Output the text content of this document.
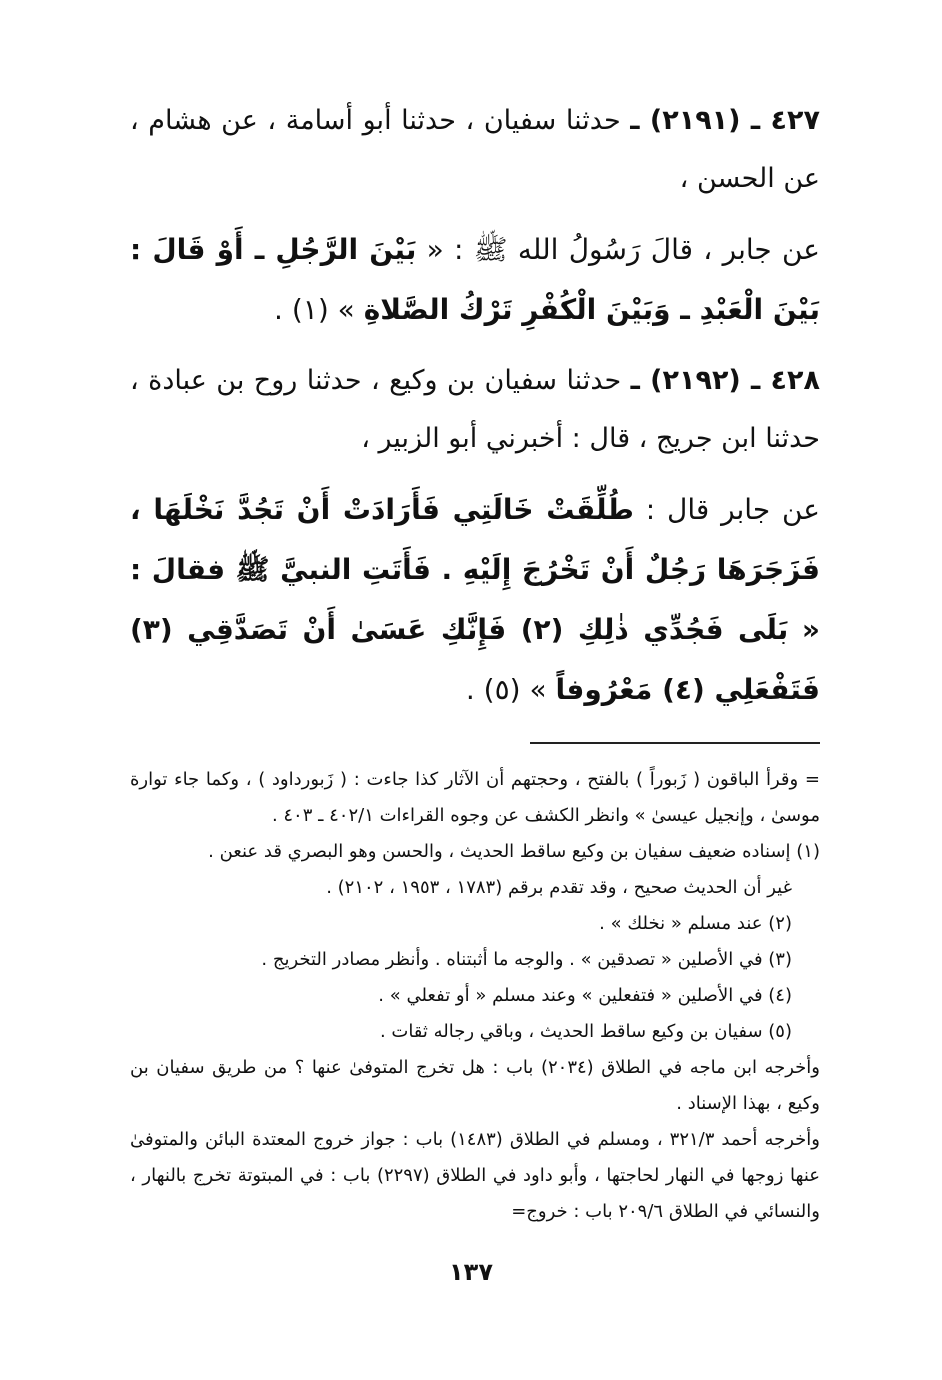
٤٢٧ ـ (٢١٩١) ـ حدثنا سفيان ، حدثنا أبو أسامة ، عن هشام ، عن الحسن ،

عن جابر ، قالَ رَسُولُ الله ﷺ : « بَيْنَ الرَّجُلِ ـ أَوْ قَالَ : بَيْنَ الْعَبْدِ ـ وَبَيْنَ الْكُفْرِ تَرْكُ الصَّلاةِ » (١) .

٤٢٨ ـ (٢١٩٢) ـ حدثنا سفيان بن وكيع ، حدثنا روح بن عبادة ، حدثنا ابن جريج ، قال : أخبرني أبو الزبير ،

عن جابر قال : طُلِّقَتْ خَالَتِي فَأَرَادَتْ أَنْ تَجُدَّ نَخْلَهَا ، فَزَجَرَهَا رَجُلٌ أَنْ تَخْرُجَ إِلَيْهِ . فَأَتَتِ النبيَّ ﷺ فقالَ : « بَلَى فَجُدِّي ذٰلِكِ (٢) فَإِنَّكِ عَسَىٰ أَنْ تَصَدَّقِي (٣) فَتَفْعَلِي (٤) مَعْرُوفاً » (٥) .

= وقرأ الباقون ( زَبوراً ) بالفتح ، وحجتهم أن الآثار كذا جاءت : ( زَبورداود ) ، وكما جاء توارة موسىٰ ، وإنجيل عيسىٰ » وانظر الكشف عن وجوه القراءات ٤٠٢/١ ـ ٤٠٣ .

(١) إسناده ضعيف سفيان بن وكيع ساقط الحديث ، والحسن وهو البصري قد عنعن .

غير أن الحديث صحيح ، وقد تقدم برقم (١٧٨٣ ، ١٩٥٣ ، ٢١٠٢) .

(٢) عند مسلم « نخلك » .

(٣) في الأصلين « تصدقين » . والوجه ما أثبتناه . وأنظر مصادر التخريج .

(٤) في الأصلين « فتفعلين » وعند مسلم « أو تفعلي » .

(٥) سفيان بن وكيع ساقط الحديث ، وباقي رجاله ثقات .

وأخرجه ابن ماجه في الطلاق (٢٠٣٤) باب : هل تخرج المتوفىٰ عنها ؟ من طريق سفيان بن وكيع ، بهذا الإسناد .

وأخرجه أحمد ٣٢١/٣ ، ومسلم في الطلاق (١٤٨٣) باب : جواز خروج المعتدة البائن والمتوفىٰ عنها زوجها في النهار لحاجتها ، وأبو داود في الطلاق (٢٢٩٧) باب : في المبتوتة تخرج بالنهار ، والنسائي في الطلاق ٢٠٩/٦ باب : خروج=

١٣٧
